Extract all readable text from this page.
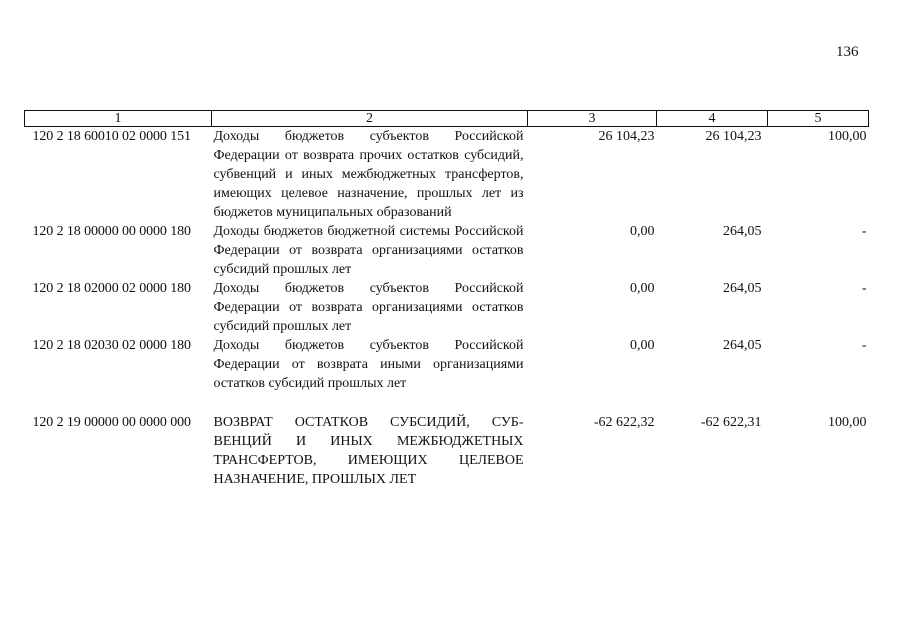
136
1	2	3	4	5
120 2 18 60010 02 0000 151	Доходы бюджетов субъектов Российской Федерации от возврата прочих остатков субсидий, субвенций и иных межбюджетных трансфертов, имеющих целевое назначение, прошлых лет из бюджетов муниципальных образований	26 104,23	26 104,23	100,00
120 2 18 00000 00 0000 180	Доходы бюджетов бюджетной системы Российской Федерации от возврата организациями остатков субсидий прошлых лет	0,00	264,05	-
120 2 18 02000 02 0000 180	Доходы бюджетов субъектов Российской Федерации от возврата организациями остатков субсидий прошлых лет	0,00	264,05	-
120 2 18 02030 02 0000 180	Доходы бюджетов субъектов Российской Федерации от возврата иными организациями остатков субсидий прошлых лет	0,00	264,05	-

120 2 19 00000 00 0000 000	ВОЗВРАТ ОСТАТКОВ СУБСИДИЙ, СУБ-ВЕНЦИЙ И ИНЫХ МЕЖБЮДЖЕТНЫХ ТРАНСФЕРТОВ, ИМЕЮЩИХ ЦЕЛЕВОЕ НАЗНАЧЕНИЕ, ПРОШЛЫХ ЛЕТ	-62 622,32	-62 622,31	100,00
